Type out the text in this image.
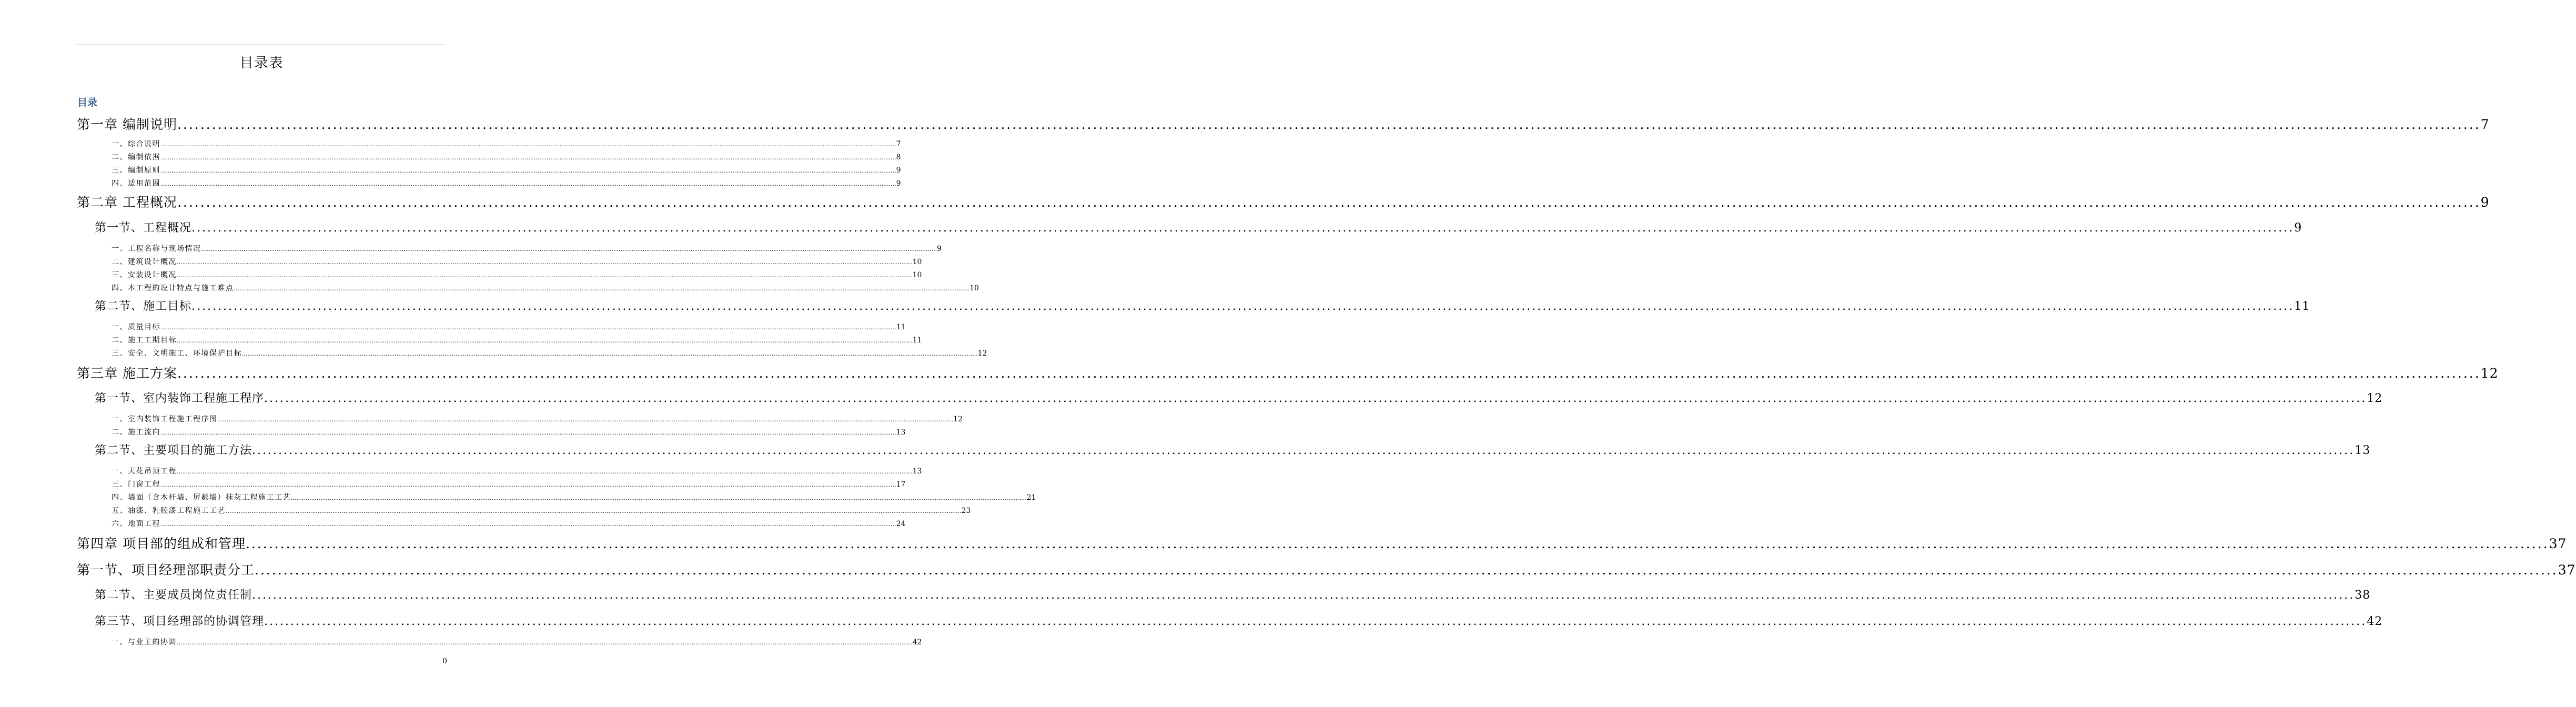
目录表
目录
第一章 编制说明 ................................................................................................................................................................................................................................................................................................................................................................................................................ 7
一、综合说明 ................................................................................................................................................................................................................................................................................................................................................................................................................ 7
二、编制依据 ................................................................................................................................................................................................................................................................................................................................................................................................................ 8
三、编制原则 ................................................................................................................................................................................................................................................................................................................................................................................................................ 9
四、适用范围 ................................................................................................................................................................................................................................................................................................................................................................................................................ 9
第二章 工程概况 ................................................................................................................................................................................................................................................................................................................................................................................................................ 9
第一节、工程概况 ................................................................................................................................................................................................................................................................................................................................................................................................................ 9
一、工程名称与现场情况 ................................................................................................................................................................................................................................................................................................................................................................................................................ 9
二、建筑设计概况 ................................................................................................................................................................................................................................................................................................................................................................................................................ 10
三、安装设计概况 ................................................................................................................................................................................................................................................................................................................................................................................................................ 10
四、本工程的设计特点与施工难点 ................................................................................................................................................................................................................................................................................................................................................................................................................ 10
第二节、施工目标 ................................................................................................................................................................................................................................................................................................................................................................................................................ 11
一、质量目标 ................................................................................................................................................................................................................................................................................................................................................................................................................ 11
二、施工工期目标 ................................................................................................................................................................................................................................................................................................................................................................................................................ 11
三、安全、文明施工、环境保护目标 ................................................................................................................................................................................................................................................................................................................................................................................................................ 12
第三章 施工方案 ................................................................................................................................................................................................................................................................................................................................................................................................................ 12
第一节、室内装饰工程施工程序 ................................................................................................................................................................................................................................................................................................................................................................................................................ 12
一、室内装饰工程施工程序图 ................................................................................................................................................................................................................................................................................................................................................................................................................ 12
二、施工流向 ................................................................................................................................................................................................................................................................................................................................................................................................................ 13
第二节、主要项目的施工方法 ................................................................................................................................................................................................................................................................................................................................................................................................................ 13
一、天花吊顶工程 ................................................................................................................................................................................................................................................................................................................................................................................................................ 13
三、门窗工程 ................................................................................................................................................................................................................................................................................................................................................................................................................ 17
四、墙面（含木杆墙、屏蔽墙）抹灰工程施工工艺 ................................................................................................................................................................................................................................................................................................................................................................................................................ 21
五、油漆、乳胶漆工程施工工艺 ................................................................................................................................................................................................................................................................................................................................................................................................................ 23
六、地面工程 ................................................................................................................................................................................................................................................................................................................................................................................................................ 24
第四章 项目部的组成和管理 ................................................................................................................................................................................................................................................................................................................................................................................................................ 37
第一节、项目经理部职责分工 ................................................................................................................................................................................................................................................................................................................................................................................................................ 37
第二节、主要成员岗位责任制 ................................................................................................................................................................................................................................................................................................................................................................................................................ 38
第三节、项目经理部的协调管理 ................................................................................................................................................................................................................................................................................................................................................................................................................ 42
一、与业主的协调 ................................................................................................................................................................................................................................................................................................................................................................................................................ 42
0
